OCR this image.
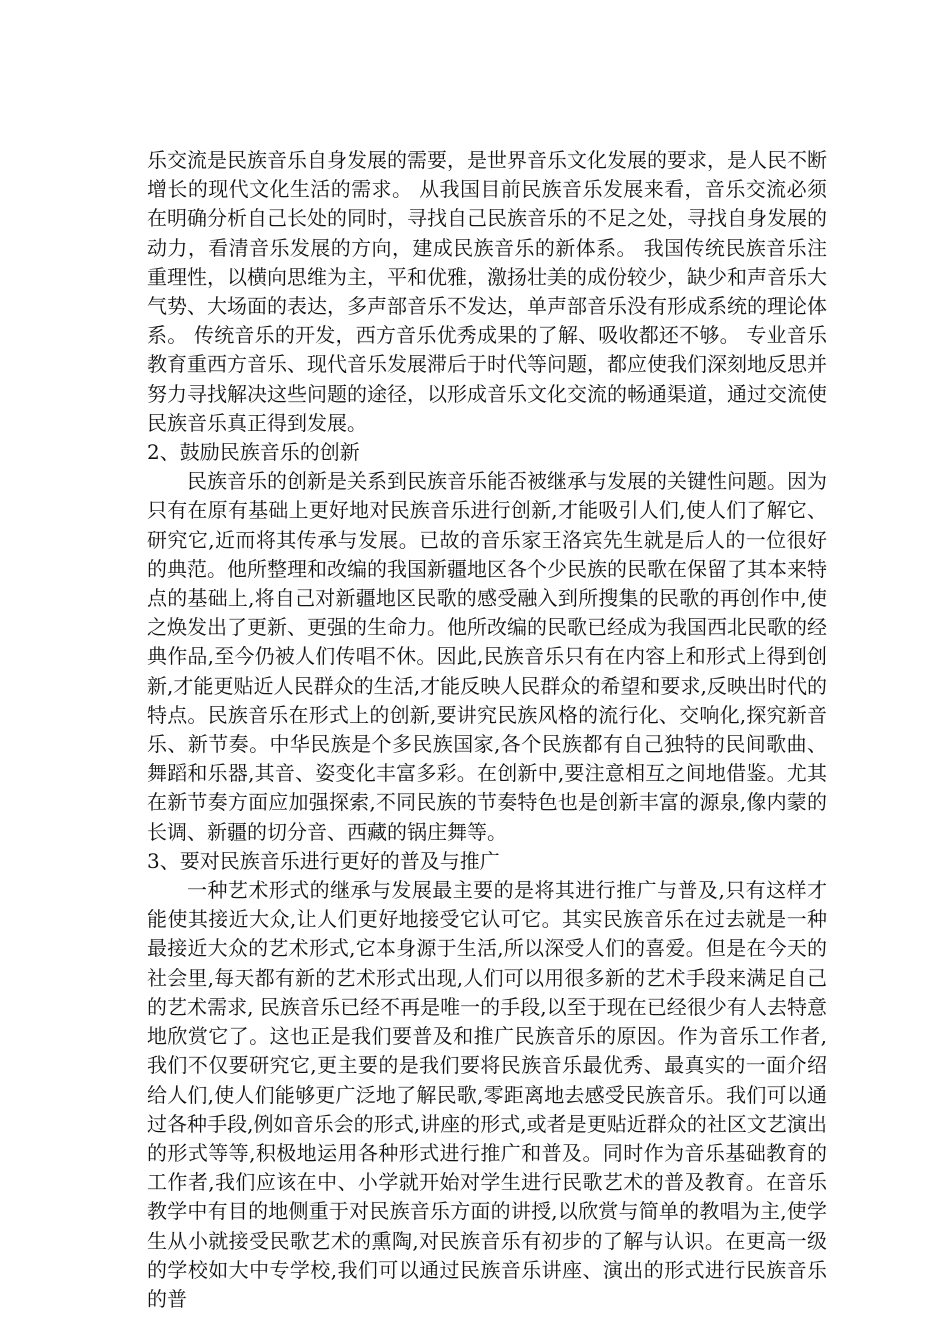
乐交流是民族音乐自身发展的需要，是世界音乐文化发展的要求，是人民不断增长的现代文化生活的需求。 从我国目前民族音乐发展来看，音乐交流必须在明确分析自己长处的同时，寻找自己民族音乐的不足之处，寻找自身发展的动力，看清音乐发展的方向，建成民族音乐的新体系。 我国传统民族音乐注重理性，以横向思维为主，平和优雅，激扬壮美的成份较少，缺少和声音乐大气势、大场面的表达，多声部音乐不发达，单声部音乐没有形成系统的理论体系。 传统音乐的开发，西方音乐优秀成果的了解、吸收都还不够。 专业音乐教育重西方音乐、现代音乐发展滞后于时代等问题，都应使我们深刻地反思并努力寻找解决这些问题的途径，以形成音乐文化交流的畅通渠道，通过交流使民族音乐真正得到发展。

2、鼓励民族音乐的创新

民族音乐的创新是关系到民族音乐能否被继承与发展的关键性问题。因为只有在原有基础上更好地对民族音乐进行创新,才能吸引人们,使人们了解它、研究它,近而将其传承与发展。已故的音乐家王洛宾先生就是后人的一位很好的典范。他所整理和改编的我国新疆地区各个少民族的民歌在保留了其本来特点的基础上,将自己对新疆地区民歌的感受融入到所搜集的民歌的再创作中,使之焕发出了更新、更强的生命力。他所改编的民歌已经成为我国西北民歌的经典作品,至今仍被人们传唱不休。因此,民族音乐只有在内容上和形式上得到创新,才能更贴近人民群众的生活,才能反映人民群众的希望和要求,反映出时代的特点。民族音乐在形式上的创新,要讲究民族风格的流行化、交响化,探究新音乐、新节奏。中华民族是个多民族国家,各个民族都有自己独特的民间歌曲、舞蹈和乐器,其音、姿变化丰富多彩。在创新中,要注意相互之间地借鉴。尤其在新节奏方面应加强探索,不同民族的节奏特色也是创新丰富的源泉,像内蒙的长调、新疆的切分音、西藏的锅庄舞等。

3、要对民族音乐进行更好的普及与推广

一种艺术形式的继承与发展最主要的是将其进行推广与普及,只有这样才能使其接近大众,让人们更好地接受它认可它。其实民族音乐在过去就是一种最接近大众的艺术形式,它本身源于生活,所以深受人们的喜爱。但是在今天的社会里,每天都有新的艺术形式出现,人们可以用很多新的艺术手段来满足自己的艺术需求, 民族音乐已经不再是唯一的手段,以至于现在已经很少有人去特意地欣赏它了。这也正是我们要普及和推广民族音乐的原因。作为音乐工作者,我们不仅要研究它,更主要的是我们要将民族音乐最优秀、最真实的一面介绍给人们,使人们能够更广泛地了解民歌,零距离地去感受民族音乐。我们可以通过各种手段,例如音乐会的形式,讲座的形式,或者是更贴近群众的社区文艺演出的形式等等,积极地运用各种形式进行推广和普及。同时作为音乐基础教育的工作者,我们应该在中、小学就开始对学生进行民歌艺术的普及教育。在音乐教学中有目的地侧重于对民族音乐方面的讲授,以欣赏与简单的教唱为主,使学生从小就接受民歌艺术的熏陶,对民族音乐有初步的了解与认识。在更高一级的学校如大中专学校,我们可以通过民族音乐讲座、演出的形式进行民族音乐的普
